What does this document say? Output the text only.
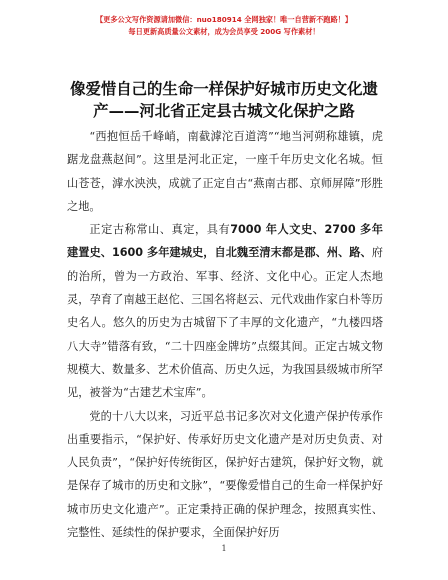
【更多公文写作资源请加微信：nuo180914 全网独家！唯一自营新不跑路！】
每日更新高质量公文素材，成为会员享受 200G 写作素材！
像爱惜自己的生命一样保护好城市历史文化遗
产——河北省正定县古城文化保护之路

“西抱恒岳千峰峭，南截滹沱百道湾”“地当河朔称雄镇，虎踞龙盘燕赵间”。这里是河北正定，一座千年历史文化名城。恒山苍苍，滹水泱泱，成就了正定自古“燕南古郡、京师屏障”形胜之地。

正定古称常山、真定，具有7000 年人文史、2700 多年建置史、1600 多年建城史，自北魏至清末都是郡、州、路、府的治所，曾为一方政治、军事、经济、文化中心。正定人杰地灵，孕育了南越王赵佗、三国名将赵云、元代戏曲作家白朴等历史名人。悠久的历史为古城留下了丰厚的文化遗产，“九楼四塔八大寺”错落有致，“二十四座金牌坊”点缀其间。正定古城文物规模大、数量多、艺术价值高、历史久远，为我国县级城市所罕见，被誉为“古建艺术宝库”。

党的十八大以来，习近平总书记多次对文化遗产保护传承作出重要指示，“保护好、传承好历史文化遗产是对历史负责、对人民负责”，“保护好传统街区，保护好古建筑，保护好文物，就是保存了城市的历史和文脉”，“要像爱惜自己的生命一样保护好城市历史文化遗产”。正定秉持正确的保护理念，按照真实性、完整性、延续性的保护要求，全面保护好历

1
